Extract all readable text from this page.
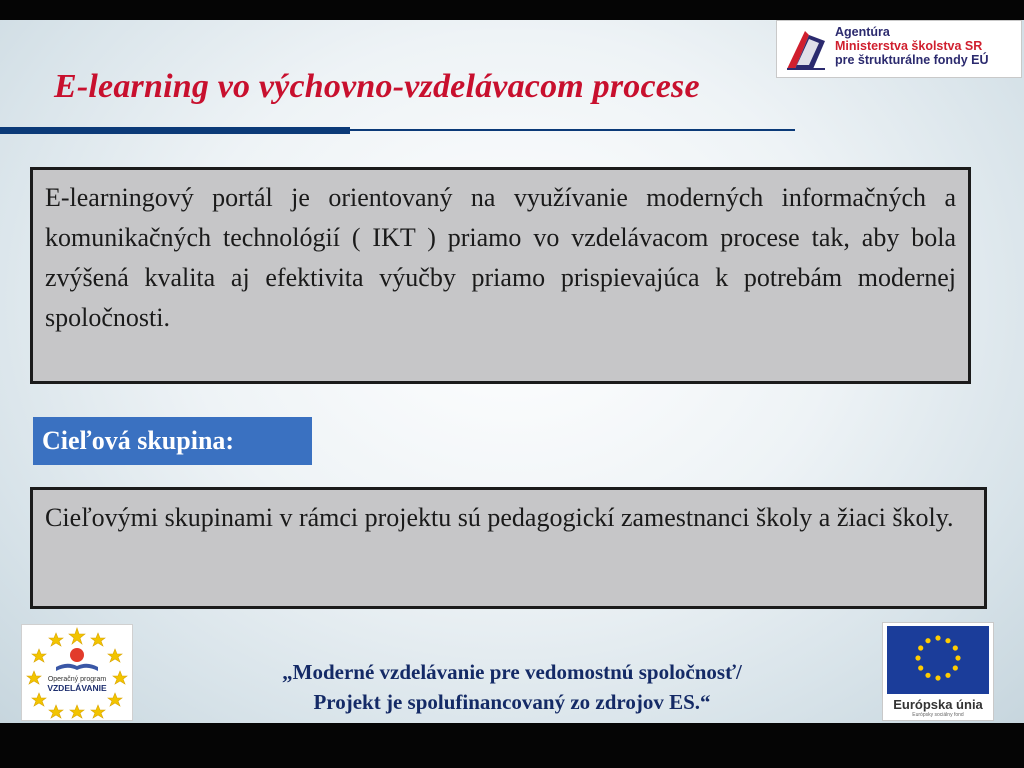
Agentúra
Ministerstva školstva SR
pre štrukturálne fondy EÚ
E-learning vo výchovno-vzdelávacom procese
E-learningový portál je orientovaný na využívanie moderných informačných a komunikačných technológií ( IKT ) priamo vo vzdelávacom procese tak, aby bola zvýšená kvalita aj efektivita výučby priamo prispievajúca k potrebám modernej spoločnosti.
Cieľová skupina:
Cieľovými skupinami v rámci projektu sú pedagogickí zamestnanci školy a žiaci školy.
Operačný program
VZDELÁVANIE
„Moderné vzdelávanie pre vedomostnú spoločnosť/
Projekt je spolufinancovaný zo zdrojov ES.“	Európska únia
Európsky sociálny fond
